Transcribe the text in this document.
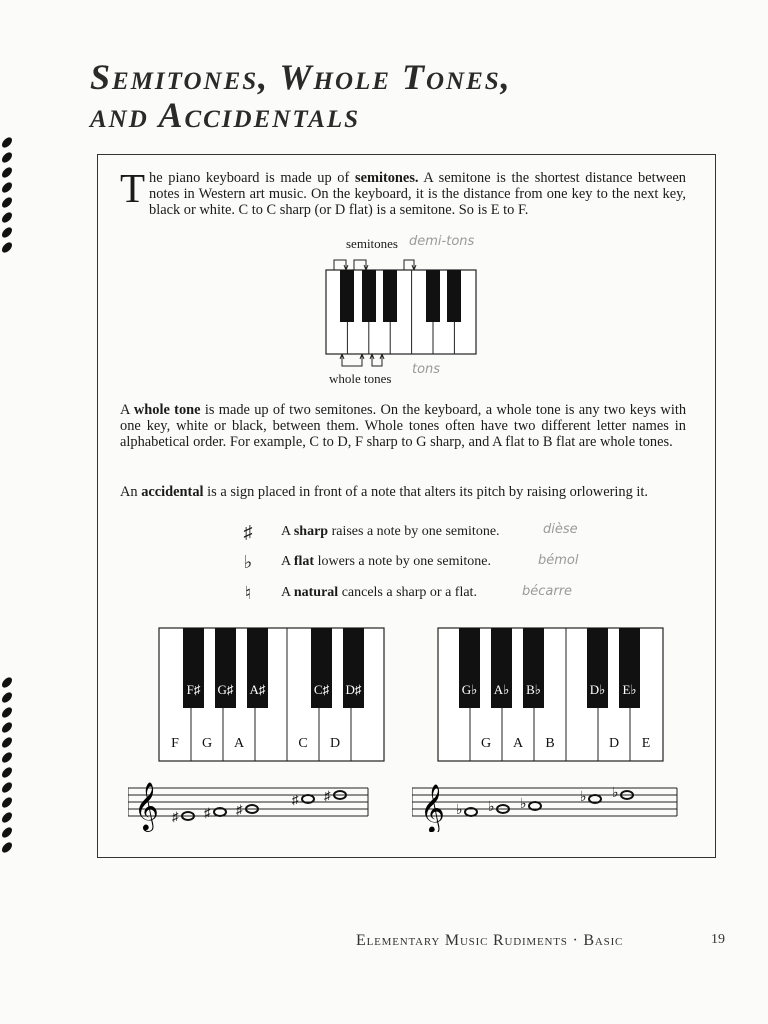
Semitones, Whole Tones,
and Accidentals
The piano keyboard is made up of semitones. A semitone is the shortest distance between notes in Western art music. On the keyboard, it is the distance from one key to the next key, black or white. C to C sharp (or D flat) is a semitone. So is E to F.
semitones demi-tons
whole tones
tons
A whole tone is made up of two semitones. On the keyboard, a whole tone is any two keys with one key, white or black, between them. Whole tones often have two different letter names in alphabetical order. For example, C to D, F sharp to G sharp, and A flat to B flat are whole tones.
An accidental is a sign placed in front of a note that alters its pitch by raising orlowering it.
♯	A sharp raises a note by one semitone.	dièse
♭	A flat lowers a note by one semitone.	bémol
♮	A natural cancels a sharp or a flat.	bécarre
F♯ G♯ A♯	C♯ D♯
F G A	C D
G♭ A♭ B♭	D♭ E♭
G A B	D E
𝄞 ♯ ♯ ♯
♯ ♯ 𝄞 ♭ ♭ ♭	♭ ♭
Elementary Music Rudiments · Basic	19
